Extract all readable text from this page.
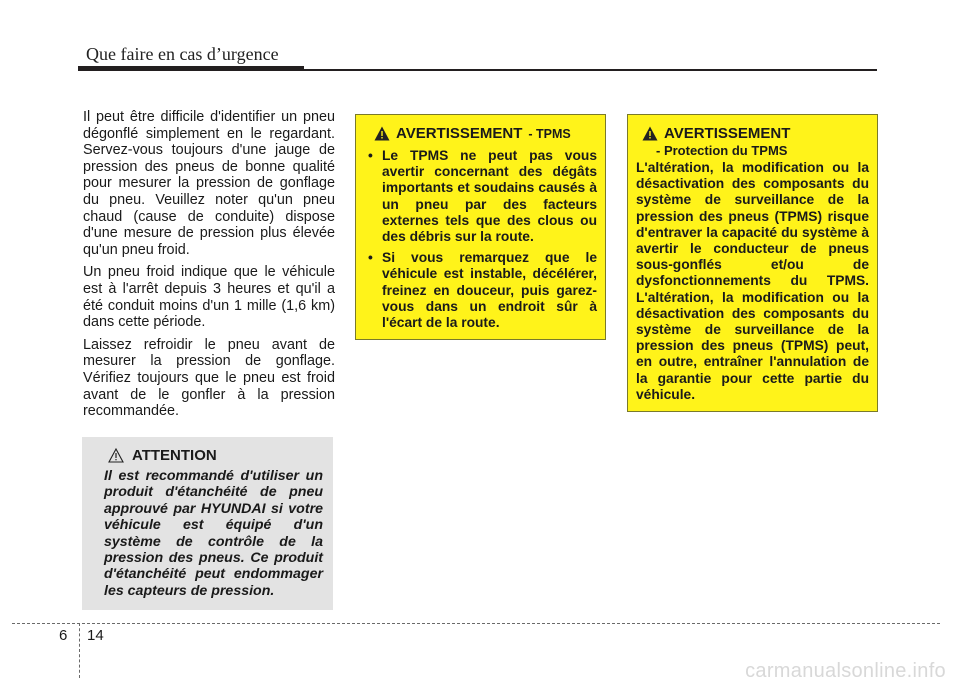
Que faire en cas d’urgence

Il peut être difficile d'identifier un pneu dégonflé simplement en le regardant. Servez-vous toujours d'une jauge de pression des pneus de bonne qualité pour mesurer la pression de gonflage du pneu. Veuillez noter qu'un pneu chaud (cause de conduite) dispose d'une mesure de pression plus élevée qu'un pneu froid.

Un pneu froid indique que le véhicule est à l'arrêt depuis 3 heures et qu'il a été conduit moins d'un 1 mille (1,6 km) dans cette période.

Laissez refroidir le pneu avant de mesurer la pression de gonflage. Vérifiez toujours que le pneu est froid avant de le gonfler à la pression recommandée.

ATTENTION
Il est recommandé d'utiliser un produit d'étanchéité de pneu approuvé par HYUNDAI si votre véhicule est équipé d'un système de contrôle de la pression des pneus. Ce produit d'étanchéité peut endommager les capteurs de pression.
AVERTISSEMENT - TPMS
• Le TPMS ne peut pas vous avertir concernant des dégâts importants et soudains causés à un pneu par des facteurs externes tels que des clous ou des débris sur la route.
• Si vous remarquez que le véhicule est instable, décélérer, freinez en douceur, puis garez-vous dans un endroit sûr à l'écart de la route.
AVERTISSEMENT
- Protection du TPMS
L'altération, la modification ou la désactivation des composants du système de surveillance de la pression des pneus (TPMS) risque d'entraver la capacité du système à avertir le conducteur de pneus sous-gonflés et/ou de dysfonctionnements du TPMS. L'altération, la modification ou la désactivation des composants du système de surveillance de la pression des pneus (TPMS) peut, en outre, entraîner l'annulation de la garantie pour cette partie du véhicule.
6 14
carmanualsonline.info
